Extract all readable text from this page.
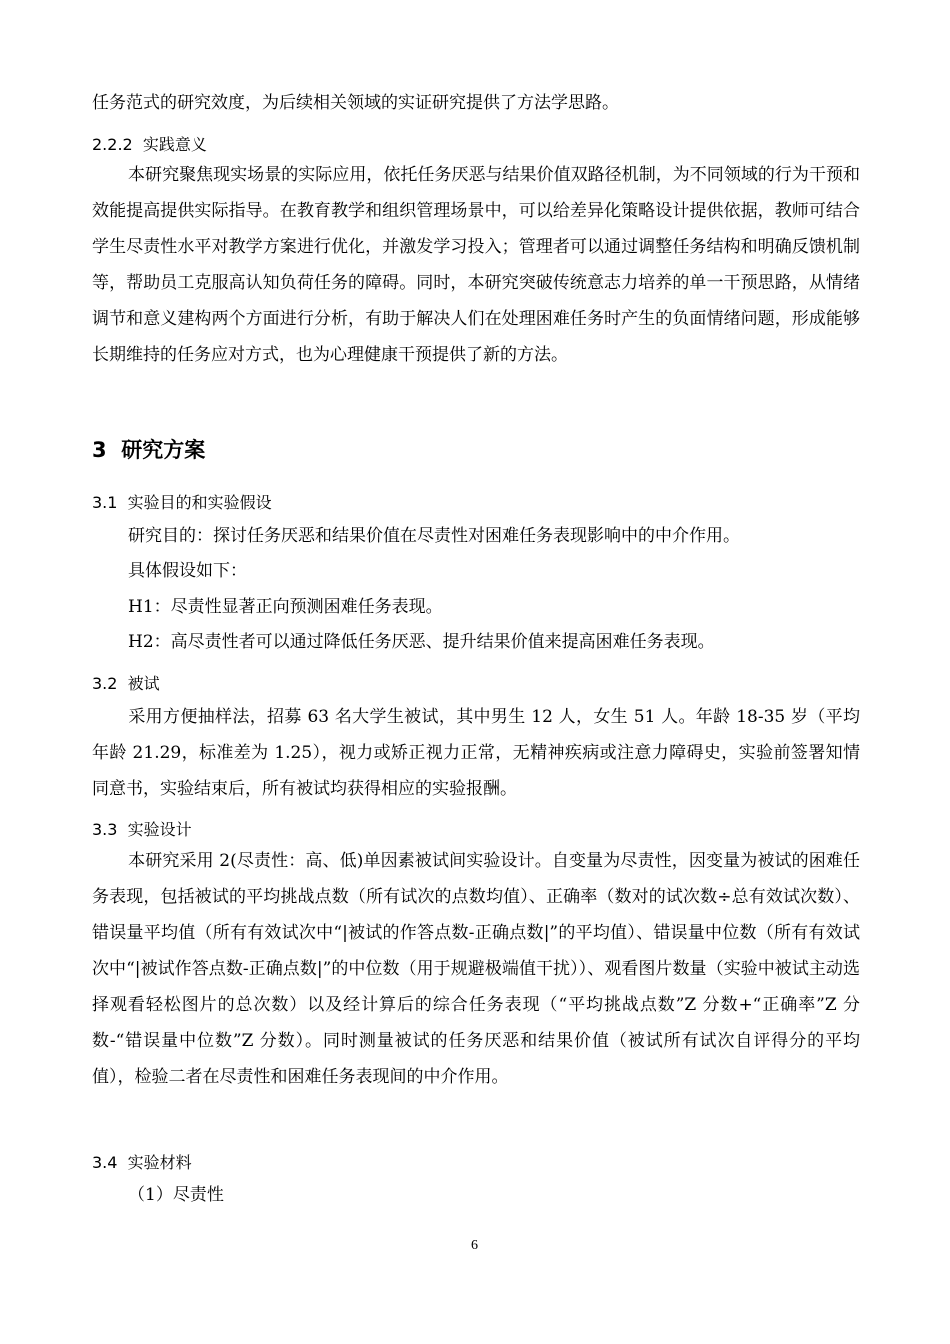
任务范式的研究效度，为后续相关领域的实证研究提供了方法学思路。
2.2.2  实践意义
本研究聚焦现实场景的实际应用，依托任务厌恶与结果价值双路径机制，为不同领域的行为干预和效能提高提供实际指导。在教育教学和组织管理场景中，可以给差异化策略设计提供依据，教师可结合学生尽责性水平对教学方案进行优化，并激发学习投入；管理者可以通过调整任务结构和明确反馈机制等，帮助员工克服高认知负荷任务的障碍。同时，本研究突破传统意志力培养的单一干预思路，从情绪调节和意义建构两个方面进行分析，有助于解决人们在处理困难任务时产生的负面情绪问题，形成能够长期维持的任务应对方式，也为心理健康干预提供了新的方法。
3  研究方案
3.1  实验目的和实验假设
研究目的：探讨任务厌恶和结果价值在尽责性对困难任务表现影响中的中介作用。
具体假设如下：
H1：尽责性显著正向预测困难任务表现。
H2：高尽责性者可以通过降低任务厌恶、提升结果价值来提高困难任务表现。
3.2  被试
采用方便抽样法，招募 63 名大学生被试，其中男生 12 人，女生 51 人。年龄 18-35 岁（平均年龄 21.29，标准差为 1.25），视力或矫正视力正常，无精神疾病或注意力障碍史，实验前签署知情同意书，实验结束后，所有被试均获得相应的实验报酬。
3.3  实验设计
本研究采用 2(尽责性：高、低)单因素被试间实验设计。自变量为尽责性，因变量为被试的困难任务表现，包括被试的平均挑战点数（所有试次的点数均值）、正确率（数对的试次数÷总有效试次数）、错误量平均值（所有有效试次中“|被试的作答点数-正确点数|”的平均值）、错误量中位数（所有有效试次中“|被试作答点数-正确点数|”的中位数（用于规避极端值干扰））、观看图片数量（实验中被试主动选择观看轻松图片的总次数）以及经计算后的综合任务表现（“平均挑战点数”Z 分数+“正确率”Z 分数-“错误量中位数”Z 分数）。同时测量被试的任务厌恶和结果价值（被试所有试次自评得分的平均值），检验二者在尽责性和困难任务表现间的中介作用。
3.4  实验材料
（1）尽责性
6
